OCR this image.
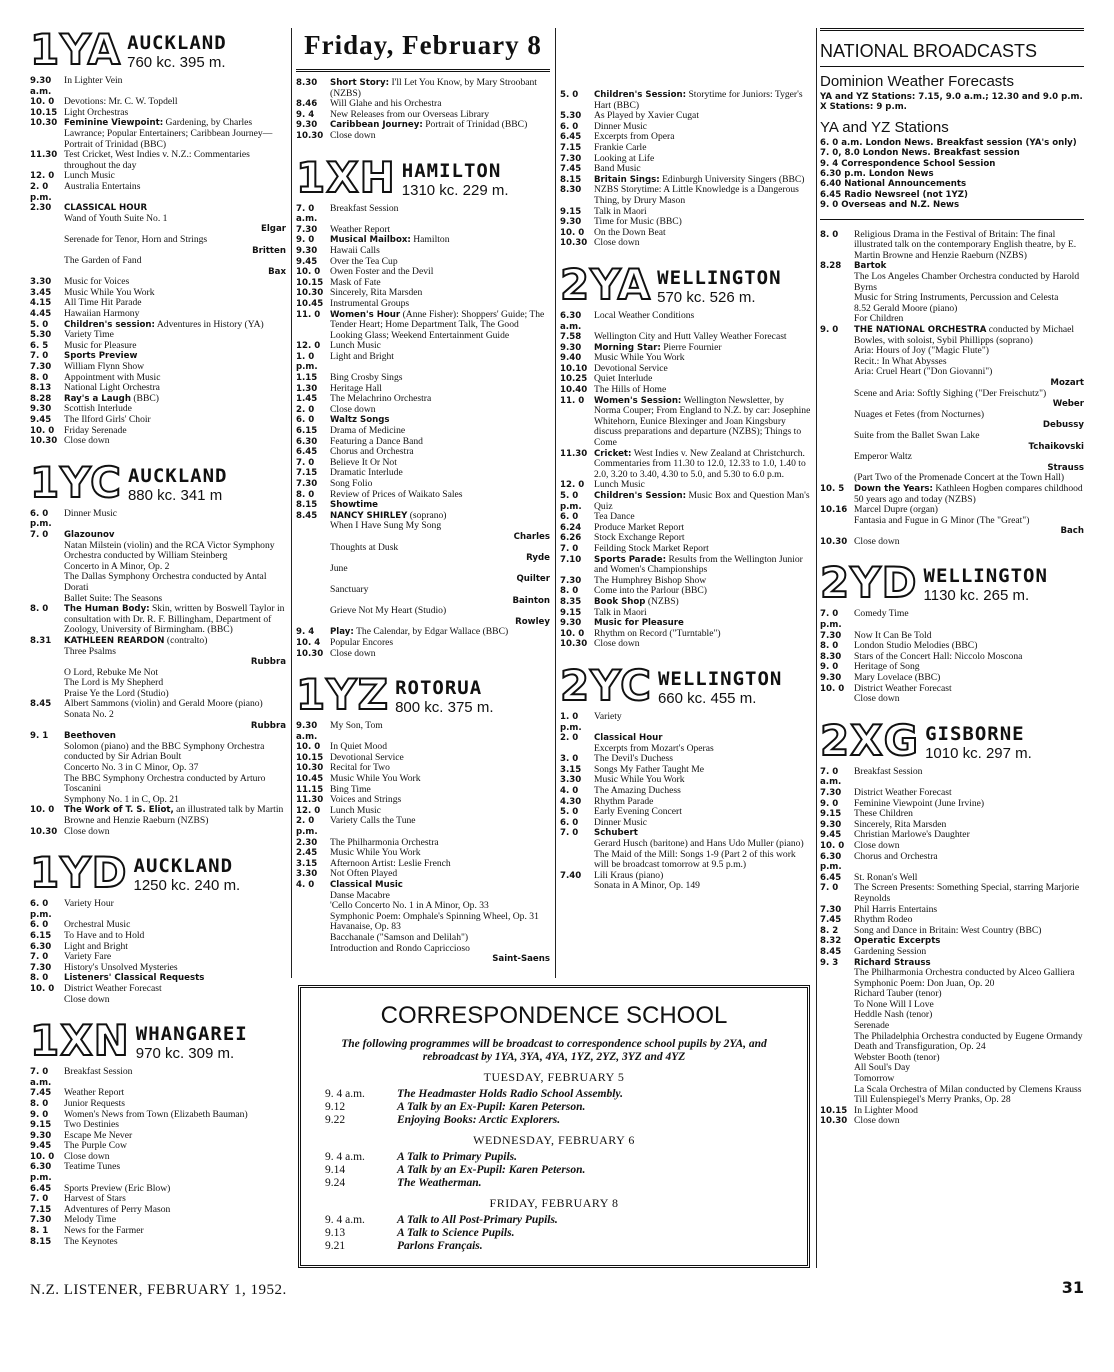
1YA AUCKLAND
760 kc. 395 m.
9.30 a.m.
In Lighter Vein
10. 0	Devotions: Mr. C. W. Topdell
10.15 Light Orchestras
10.30 Feminine Viewpoint: Gardening, by Charles Lawrance; Popular Entertainers; Caribbean Journey—Portrait of Trinidad (BBC)
11.30 Test Cricket, West Indies v. N.Z.: Commentaries throughout the day
12. 0	Lunch Music
2. 0 p.m.
Australia Entertains
2.30	CLASSICAL HOUR
Wand of Youth Suite No. 1
Elgar
Serenade for Tenor, Horn and Strings
Britten
The Garden of Fand
Bax
3.30	Music for Voices
3.45	Music While You Work
4.15	All Time Hit Parade
4.45	Hawaiian Harmony
5. 0	Children's session: Adventures in History (YA)
5.30	Variety Time
6. 5	Music for Pleasure
7. 0	Sports Preview
7.30	William Flynn Show
8. 0	Appointment with Music
8.13	National Light Orchestra
8.28	Ray's a Laugh (BBC)
9.30	Scottish Interlude
9.45	The Ilford Girls' Choir
10. 0	Friday Serenade
10.30 Close down
1YC AUCKLAND
880 kc. 341 m
6. 0 p.m.
Dinner Music
7. 0	Glazounov
Natan Milstein (violin) and the RCA Victor Symphony Orchestra conducted by William Steinberg
Concerto in A Minor, Op. 2
The Dallas Symphony Orchestra conducted by Antal Dorati
Ballet Suite: The Seasons
8. 0	The Human Body: Skin, written by Boswell Taylor in consultation with Dr. R. F. Billingham, Department of Zoology, University of Birmingham. (BBC)
8.31	KATHLEEN REARDON (contralto)
Three Psalms
Rubbra
O Lord, Rebuke Me Not
The Lord is My Shepherd
Praise Ye the Lord (Studio)
8.45	Albert Sammons (violin) and Gerald Moore (piano)
Sonata No. 2
Rubbra
9. 1	Beethoven
Solomon (piano) and the BBC Symphony Orchestra conducted by Sir Adrian Boult
Concerto No. 3 in C Minor, Op. 37
The BBC Symphony Orchestra conducted by Arturo Toscanini
Symphony No. 1 in C, Op. 21
10. 0	The Work of T. S. Eliot, an illustrated talk by Martin Browne and Henzie Raeburn (NZBS)
10.30 Close down
1YD AUCKLAND
1250 kc. 240 m.
6. 0 p.m.
Variety Hour
6. 0	Orchestral Music
6.15	To Have and to Hold
6.30	Light and Bright
7. 0	Variety Fare
7.30	History's Unsolved Mysteries
8. 0	Listeners' Classical Requests
10. 0	District Weather Forecast
Close down
1XN WHANGAREI
970 kc. 309 m.
7. 0 a.m.
Breakfast Session
7.45	Weather Report
8. 0	Junior Requests
9. 0	Women's News from Town (Elizabeth Bauman)
9.15	Two Destinies
9.30	Escape Me Never
9.45	The Purple Cow
10. 0	Close down
6.30 p.m.
Teatime Tunes
6.45	Sports Preview (Eric Blow)
7. 0	Harvest of Stars
7.15	Adventures of Perry Mason
7.30	Melody Time
8. 1	News for the Farmer
8.15	The Keynotes
Friday, February 8
8.30	Short Story: I'll Let You Know, by Mary Stroobant (NZBS)
8.46	Will Glahe and his Orchestra
9. 4	New Releases from our Overseas Library
9.30	Caribbean Journey: Portrait of Trinidad (BBC)
10.30 Close down
1XH HAMILTON
1310 kc. 229 m.
7. 0 a.m.
Breakfast Session
7.30	Weather Report
9. 0	Musical Mailbox: Hamilton
9.30	Hawaii Calls
9.45	Over the Tea Cup
10. 0	Owen Foster and the Devil
10.15 Mask of Fate
10.30 Sincerely, Rita Marsden
10.45 Instrumental Groups
11. 0	Women's Hour (Anne Fisher): Shoppers' Guide; The Tender Heart; Home Department Talk, The Good Looking Glass; Weekend Entertainment Guide
12. 0	Lunch Music
1. 0 p.m.
Light and Bright
1.15	Bing Crosby Sings
1.30	Heritage Hall
1.45	The Melachrino Orchestra
2. 0	Close down
6. 0	Waltz Songs
6.15	Drama of Medicine
6.30	Featuring a Dance Band
6.45	Chorus and Orchestra
7. 0	Believe It Or Not
7.15	Dramatic Interlude
7.30	Song Folio
8. 0	Review of Prices of Waikato Sales
8.15	Showtime
8.45	NANCY SHIRLEY (soprano)
When I Have Sung My Song
Charles
Thoughts at Dusk
Ryde
June
Quilter
Sanctuary
Bainton
Grieve Not My Heart (Studio)
Rowley
9. 4	Play: The Calendar, by Edgar Wallace (BBC)
10. 4	Popular Encores
10.30 Close down
1YZ ROTORUA
800 kc. 375 m.
9.30 a.m.
My Son, Tom
10. 0	In Quiet Mood
10.15 Devotional Service
10.30 Recital for Two
10.45 Music While You Work
11.15 Bing Time
11.30 Voices and Strings
12. 0	Lunch Music
2. 0 p.m.
Variety Calls the Tune
2.30	The Philharmonia Orchestra
2.45	Music While You Work
3.15	Afternoon Artist: Leslie French
3.30	Not Often Played
4. 0	Classical Music
Danse Macabre
'Cello Concerto No. 1 in A Minor, Op. 33
Symphonic Poem: Omphale's Spinning Wheel, Op. 31
Havanaise, Op. 83
Bacchanale ("Samson and Delilah")
Introduction and Rondo Capriccioso
Saint-Saens
5. 0	Children's Session: Storytime for Juniors: Tyger's Hart (BBC)
5.30	As Played by Xavier Cugat
6. 0	Dinner Music
6.45	Excerpts from Opera
7.15	Frankie Carle
7.30	Looking at Life
7.45	Band Music
8.15	Britain Sings: Edinburgh University Singers (BBC)
8.30	NZBS Storytime: A Little Knowledge is a Dangerous Thing, by Drury Mason
9.15	Talk in Maori
9.30	Time for Music (BBC)
10. 0	On the Down Beat
10.30 Close down
2YA WELLINGTON
570 kc. 526 m.
6.30 a.m.
Local Weather Conditions
7.58	Wellington City and Hutt Valley Weather Forecast
9.30	Morning Star: Pierre Fournier
9.40	Music While You Work
10.10 Devotional Service
10.25 Quiet Interlude
10.40 The Hills of Home
11. 0	Women's Session: Wellington Newsletter, by Norma Couper; From England to N.Z. by car: Josephine Whitehorn, Eunice Blexinger and Joan Kingsbury discuss preparations and departure (NZBS); Things to Come
11.30 Cricket: West Indies v. New Zealand at Christchurch. Commentaries from 11.30 to 12.0, 12.33 to 1.0, 1.40 to 2.0, 3.20 to 3.40, 4.30 to 5.0, and 5.30 to 6.0 p.m.
12. 0	Lunch Music
5. 0 p.m.
Children's Session: Music Box and Question Man's Quiz
6. 0	Tea Dance
6.24	Produce Market Report
6.26	Stock Exchange Report
7. 0	Feilding Stock Market Report
7.10	Sports Parade: Results from the Wellington Junior and Women's Championships
7.30	The Humphrey Bishop Show
8. 0	Come into the Parlour (BBC)
8.35	Book Shop (NZBS)
9.15	Talk in Maori
9.30	Music for Pleasure
10. 0	Rhythm on Record ("Turntable")
10.30 Close down
2YC WELLINGTON
660 kc. 455 m.
1. 0 p.m.
Variety
2. 0	Classical Hour
Excerpts from Mozart's Operas
3. 0	The Devil's Duchess
3.15	Songs My Father Taught Me
3.30	Music While You Work
4. 0	The Amazing Duchess
4.30	Rhythm Parade
5. 0	Early Evening Concert
6. 0	Dinner Music
7. 0	Schubert
Gerard Husch (baritone) and Hans Udo Muller (piano)
The Maid of the Mill: Songs 1-9 (Part 2 of this work will be broadcast tomorrow at 9.5 p.m.)
7.40	Lili Kraus (piano)
Sonata in A Minor, Op. 149
NATIONAL BROADCASTS
Dominion Weather Forecasts
YA and YZ Stations: 7.15, 9.0 a.m.; 12.30 and 9.0 p.m.
X Stations: 9 p.m.
YA and YZ Stations
6. 0 a.m. London News. Breakfast session (YA's only)
7. 0, 8.0 London News. Breakfast session
9. 4 Correspondence School Session
6.30 p.m. London News
6.40 National Announcements
6.45 Radio Newsreel (not 1YZ)
9. 0 Overseas and N.Z. News
8. 0	Religious Drama in the Festival of Britain: The final illustrated talk on the contemporary English theatre, by E. Martin Browne and Henzie Raeburn (NZBS)
8.28	Bartok
The Los Angeles Chamber Orchestra conducted by Harold Byrns
Music for String Instruments, Percussion and Celesta
8.52 Gerald Moore (piano)
For Children
9. 0	THE NATIONAL ORCHESTRA conducted by Michael Bowles, with soloist, Sybil Phillipps (soprano)
Aria: Hours of Joy ("Magic Flute")
Recit.: In What Abysses
Aria: Cruel Heart ("Don Giovanni")
Mozart
Scene and Aria: Softly Sighing ("Der Freischutz")
Weber
Nuages et Fetes (from Nocturnes)
Debussy
Suite from the Ballet Swan Lake
Tchaikovski
Emperor Waltz
Strauss
(Part Two of the Promenade Concert at the Town Hall)
10. 5	Down the Years: Kathleen Hogben compares childhood 50 years ago and today (NZBS)
10.16 Marcel Dupre (organ)
Fantasia and Fugue in G Minor (The "Great")
Bach
10.30 Close down
2YD WELLINGTON
1130 kc. 265 m.
7. 0 p.m.
Comedy Time
7.30	Now It Can Be Told
8. 0	London Studio Melodies (BBC)
8.30	Stars of the Concert Hall: Niccolo Moscona
9. 0	Heritage of Song
9.30	Mary Lovelace (BBC)
10. 0	District Weather Forecast
Close down
2XG GISBORNE
1010 kc. 297 m.
7. 0 a.m.
Breakfast Session
7.30	District Weather Forecast
9. 0	Feminine Viewpoint (June Irvine)
9.15	These Children
9.30	Sincerely, Rita Marsden
9.45	Christian Marlowe's Daughter
10. 0	Close down
6.30 p.m.
Chorus and Orchestra
6.45	St. Ronan's Well
7. 0	The Screen Presents: Something Special, starring Marjorie Reynolds
7.30	Phil Harris Entertains
7.45	Rhythm Rodeo
8. 2	Song and Dance in Britain: West Country (BBC)
8.32	Operatic Excerpts
8.45	Gardening Session
9. 3	Richard Strauss
The Philharmonia Orchestra conducted by Alceo Galliera
Symphonic Poem: Don Juan, Op. 20
Richard Tauber (tenor)
To None Will I Love
Heddle Nash (tenor)
Serenade
The Philadelphia Orchestra conducted by Eugene Ormandy
Death and Transfiguration, Op. 24
Webster Booth (tenor)
All Soul's Day
Tomorrow
La Scala Orchestra of Milan conducted by Clemens Krauss
Till Eulenspiegel's Merry Pranks, Op. 28
10.15 In Lighter Mood
10.30 Close down
CORRESPONDENCE SCHOOL
The following programmes will be broadcast to correspondence school pupils by 2YA, and rebroadcast by 1YA, 3YA, 4YA, 1YZ, 2YZ, 3YZ and 4YZ
TUESDAY, FEBRUARY 5
9. 4 a.m.	The Headmaster Holds Radio School Assembly.
9.12	A Talk by an Ex-Pupil: Karen Peterson.
9.22	Enjoying Books: Arctic Explorers.
WEDNESDAY, FEBRUARY 6
9. 4 a.m.	A Talk to Primary Pupils.
9.14	A Talk by an Ex-Pupil: Karen Peterson.
9.24	The Weatherman.
FRIDAY, FEBRUARY 8
9. 4 a.m.	A Talk to All Post-Primary Pupils.
9.13	A Talk to Science Pupils.
9.21	Parlons Français.
N.Z. LISTENER, FEBRUARY 1, 1952.	31
